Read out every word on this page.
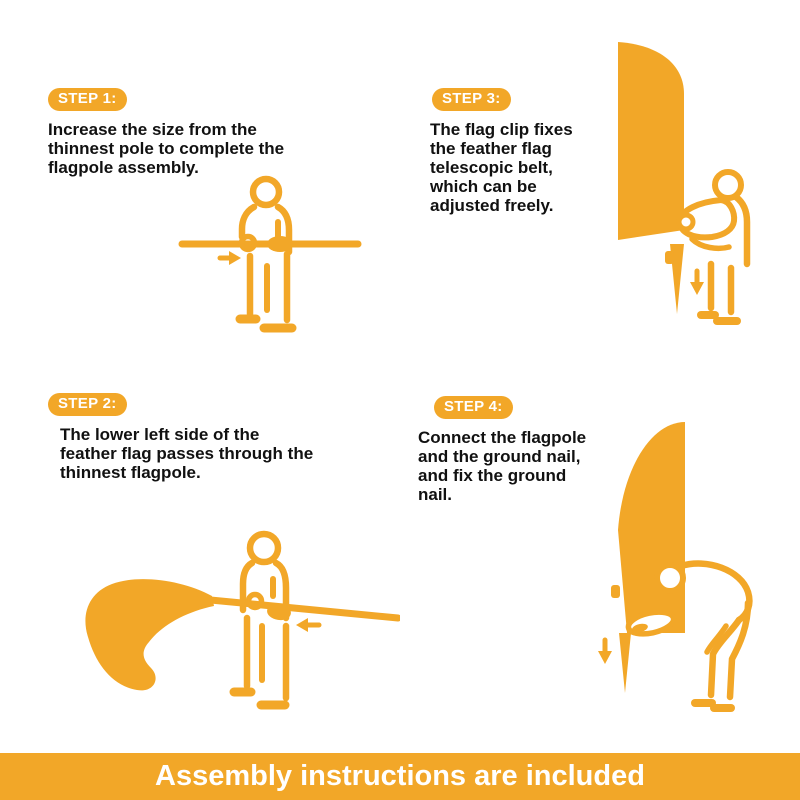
STEP 1:
Increase the size from the
thinnest pole to complete the
flagpole assembly.
STEP 3:
The flag clip fixes
the feather flag
telescopic belt,
which can be
adjusted freely.
STEP 2:
The lower left side of the
feather flag passes through the
thinnest flagpole.
STEP 4:
Connect the flagpole
and the ground nail,
and fix the ground
nail.
Assembly instructions are included
